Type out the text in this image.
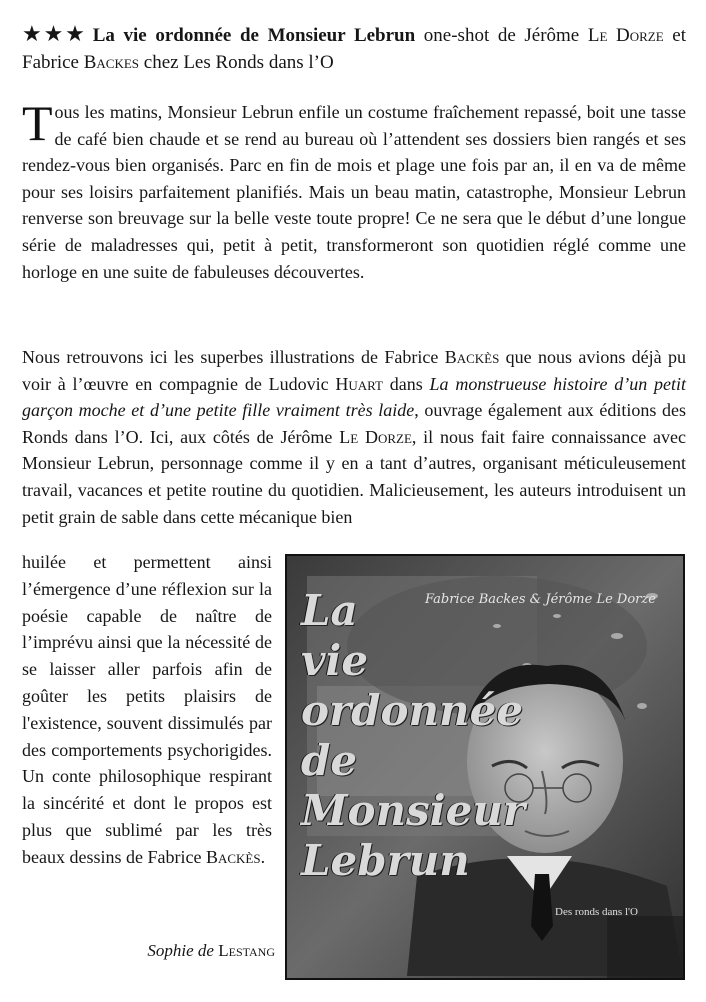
★★★ La vie ordonnée de Monsieur Lebrun one-shot de Jérôme Le Dorze et Fabrice Backes chez Les Ronds dans l’O

Tous les matins, Monsieur Lebrun enfile un costume fraîchement repassé, boit une tasse de café bien chaude et se rend au bureau où l’attendent ses dossiers bien rangés et ses rendez-vous bien organisés. Parc en fin de mois et plage une fois par an, il en va de même pour ses loisirs parfaitement planifiés. Mais un beau matin, catastrophe, Monsieur Lebrun renverse son breuvage sur la belle veste toute propre! Ce ne sera que le début d’une longue série de maladresses qui, petit à petit, transformeront son quotidien réglé comme une horloge en une suite de fabuleuses découvertes.

Nous retrouvons ici les superbes illustrations de Fabrice Backès que nous avions déjà pu voir à l’œuvre en compagnie de Ludovic Huart dans La monstrueuse histoire d’un petit garçon moche et d’une petite fille vraiment très laide, ouvrage également aux éditions des Ronds dans l’O. Ici, aux côtés de Jérôme Le Dorze, il nous fait faire connaissance avec Monsieur Lebrun, personnage comme il y en a tant d’autres, organisant méticuleusement travail, vacances et petite routine du quotidien. Malicieusement, les auteurs introduisent un petit grain de sable dans cette mécanique bien

huilée et permettent ainsi l’émergence d’une réflexion sur la poésie capable de naître de l’imprévu ainsi que la nécessité de se laisser aller parfois afin de goûter les petits plaisirs de l'existence, souvent dissimulés par des comportements psychorigides. Un conte philosophique respirant la sincérité et dont le propos est plus que sublimé par les très beaux dessins de Fabrice Backès.

Sophie de Lestang
La
vie
ordonnée
de
Monsieur
Lebrun
Fabrice Backes & Jérôme Le Dorze
Des ronds dans l'O
